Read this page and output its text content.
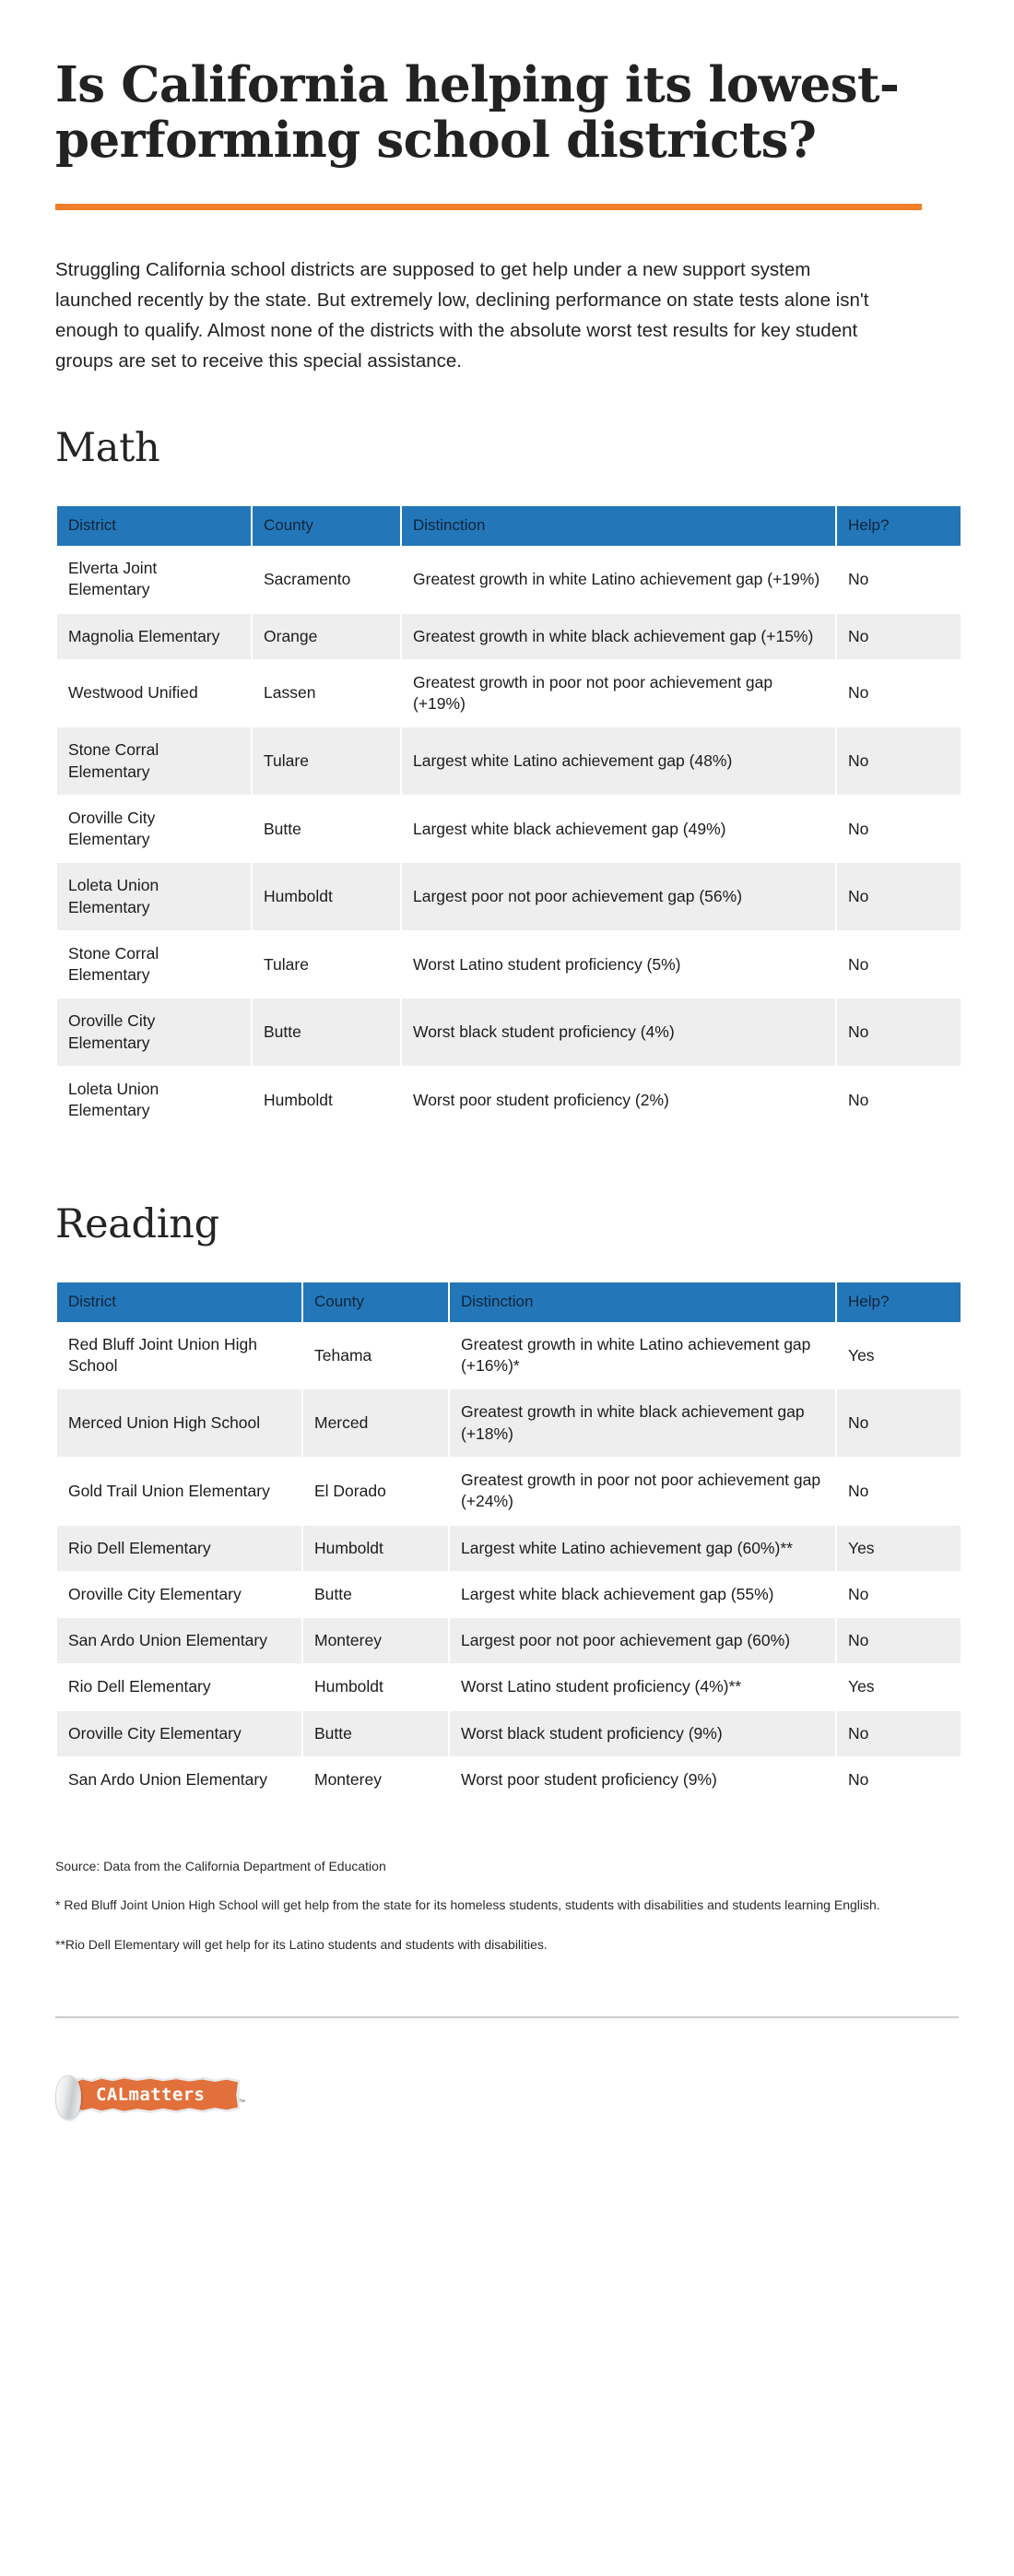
Is California helping its lowest-performing school districts?

Struggling California school districts are supposed to get help under a new support system launched recently by the state. But extremely low, declining performance on state tests alone isn't enough to qualify. Almost none of the districts with the absolute worst test results for key student groups are set to receive this special assistance.

Math
District	County	Distinction	Help?
Elverta Joint Elementary	Sacramento	Greatest growth in white Latino achievement gap (+19%)	No
Magnolia Elementary	Orange	Greatest growth in white black achievement gap (+15%)	No
Westwood Unified	Lassen	Greatest growth in poor not poor achievement gap (+19%)	No
Stone Corral Elementary	Tulare	Largest white Latino achievement gap (48%)	No
Oroville City Elementary	Butte	Largest white black achievement gap (49%)	No
Loleta Union Elementary	Humboldt	Largest poor not poor achievement gap (56%)	No
Stone Corral Elementary	Tulare	Worst Latino student proficiency (5%)	No
Oroville City Elementary	Butte	Worst black student proficiency (4%)	No
Loleta Union Elementary	Humboldt	Worst poor student proficiency (2%)	No
Reading
District	County	Distinction	Help?
Red Bluff Joint Union High School	Tehama	Greatest growth in white Latino achievement gap (+16%)*	Yes
Merced Union High School	Merced	Greatest growth in white black achievement gap (+18%)	No
Gold Trail Union Elementary	El Dorado	Greatest growth in poor not poor achievement gap (+24%)	No
Rio Dell Elementary	Humboldt	Largest white Latino achievement gap (60%)**	Yes
Oroville City Elementary	Butte	Largest white black achievement gap (55%)	No
San Ardo Union Elementary	Monterey	Largest poor not poor achievement gap (60%)	No
Rio Dell Elementary	Humboldt	Worst Latino student proficiency (4%)**	Yes
Oroville City Elementary	Butte	Worst black student proficiency (9%)	No
San Ardo Union Elementary	Monterey	Worst poor student proficiency (9%)	No
Source: Data from the California Department of Education
* Red Bluff Joint Union High School will get help from the state for its homeless students, students with disabilities and students learning English.
**Rio Dell Elementary will get help for its Latino students and students with disabilities.
CALmatters	™
